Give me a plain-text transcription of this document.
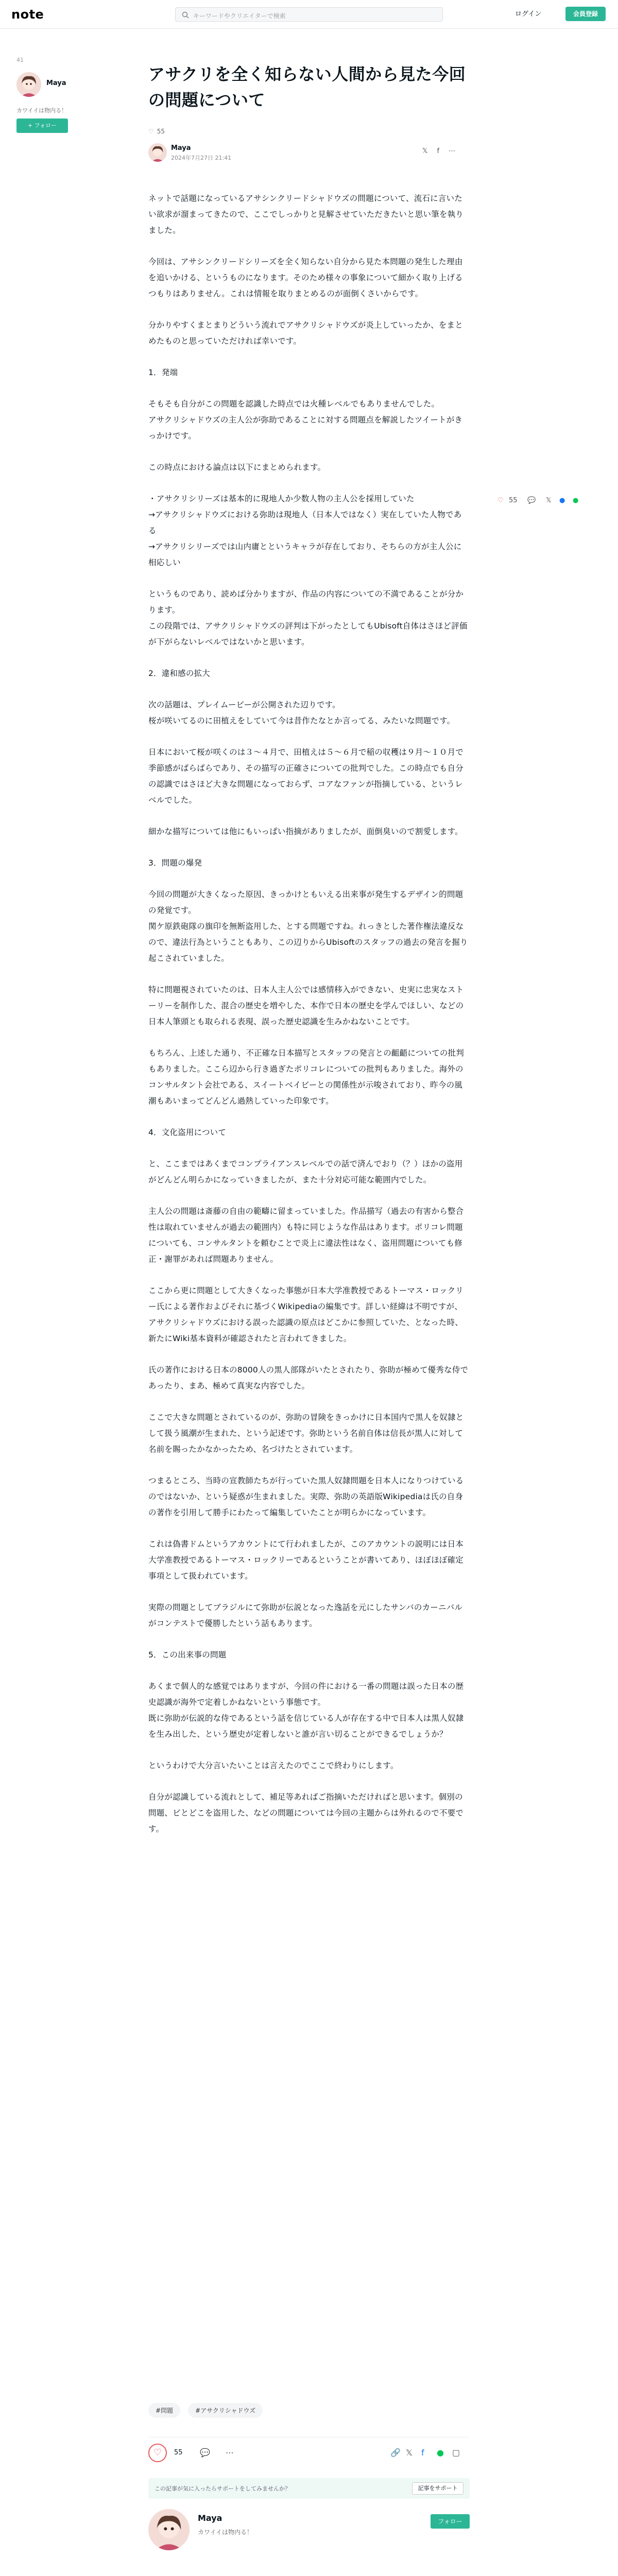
note	キーワードやクリエイターで検索	ログイン	会員登録
41
Maya
カワイイは物内る！
+ フォロー
♡ 55 💬 𝕏 ● ●
アサクリを全く知らない人間から見た今回の問題について
♡ 55
Maya
2024年7月27日 21:41
𝕏 f ⋯

ネットで話題になっているアサシンクリードシャドウズの問題について、流石に言いたい欲求が溜まってきたので、ここでしっかりと見解させていただきたいと思い筆を執りました。

今回は、アサシンクリードシリーズを全く知らない自分から見た本問題の発生した理由を追いかける、というものになります。そのため様々の事象について細かく取り上げるつもりはありません。これは情報を取りまとめるのが面倒くさいからです。

分かりやすくまとまりどういう流れでアサクリシャドウズが炎上していったか、をまとめたものと思っていただければ幸いです。

1．発端

そもそも自分がこの問題を認識した時点では火種レベルでもありませんでした。
アサクリシャドウズの主人公が弥助であることに対する問題点を解説したツイートがきっかけです。

この時点における論点は以下にまとめられます。

・アサクリシリーズは基本的に現地人か少数人物の主人公を採用していた
→アサクリシャドウズにおける弥助は現地人（日本人ではなく）実在していた人物である
→アサクリシリーズでは山内庸とというキャラが存在しており、そちらの方が主人公に相応しい

というものであり、読めば分かりますが、作品の内容についての不満であることが分かります。
この段階では、アサクリシャドウズの評判は下がったとしてもUbisoft自体はさほど評価が下がらないレベルではないかと思います。

2．違和感の拡大

次の話題は、プレイムービーが公開された辺りです。
桜が咲いてるのに田植えをしていて今は昔作たなとか言ってる、みたいな問題です。

日本において桜が咲くのは３〜４月で、田植えは５〜６月で稲の収穫は９月〜１０月で季節感がばらばらであり、その描写の正確さについての批判でした。この時点でも自分の認識ではさほど大きな問題になっておらず、コアなファンが指摘している、というレベルでした。

細かな描写については他にもいっぱい指摘がありましたが、面倒臭いので割愛します。

3．問題の爆発

今回の問題が大きくなった原因、きっかけともいえる出来事が発生するデザイン的問題の発覚です。
関ケ原鉄砲隊の旗印を無断盗用した、とする問題ですね。れっきとした著作権法違反なので、違法行為ということもあり、この辺りからUbisoftのスタッフの過去の発言を掘り起こされていました。

特に問題視されていたのは、日本人主人公では感情移入ができない、史実に忠実なストーリーを制作した、混合の歴史を増やした、本作で日本の歴史を学んでほしい、などの日本人筆頭とも取られる表現、誤った歴史認識を生みかねないことです。

もちろん、上述した通り、不正確な日本描写とスタッフの発言との齟齬についての批判もありました。ここら辺から行き過ぎたポリコレについての批判もありました。海外のコンサルタント会社である、スイートベイビーとの関係性が示唆されており、昨今の風潮もあいまってどんどん過熱していった印象です。

4．文化盗用について

と、ここまではあくまでコンプライアンスレベルでの話で済んでおり（？）ほかの盗用がどんどん明らかになっていきましたが、また十分対応可能な範囲内でした。

主人公の問題は斎藤の自由の範疇に留まっていました。作品描写（過去の有害から整合性は取れていませんが過去の範囲内）も特に同じような作品はあります。ポリコレ問題についても、コンサルタントを頼むことで炎上に違法性はなく、盗用問題についても修正・謝罪があれば問題ありません。

ここから更に問題として大きくなった事態が日本大学准教授であるトーマス・ロックリー氏による著作およびそれに基づくWikipediaの編集です。詳しい経緯は不明ですが、アサクリシャドウズにおける誤った認識の原点はどこかに参照していた、となった時、新たにWiki基本資料が確認されたと言われてきました。

氏の著作における日本の8000人の黒人部隊がいたとされたり、弥助が極めて優秀な侍であったり、まあ、極めて真実な内容でした。

ここで大きな問題とされているのが、弥助の冒険をきっかけに日本国内で黒人を奴隷として扱う風潮が生まれた、という記述です。弥助という名前自体は信長が黒人に対して名前を賜ったかなかったため、名づけたとされています。

つまるところ、当時の宣教師たちが行っていた黒人奴隷問題を日本人になりつけているのではないか、という疑惑が生まれました。実際、弥助の英語版Wikipediaは氏の自身の著作を引用して勝手にわたって編集していたことが明らかになっています。

これは偽書ドムというアカウントにて行われましたが、このアカウントの説明には日本大学准教授であるトーマス・ロックリーであるということが書いてあり、ほぼほぼ確定事項として扱われています。

実際の問題としてブラジルにて弥助が伝説となった逸話を元にしたサンバのカーニバルがコンテストで優勝したという話もあります。

5．この出来事の問題

あくまで個人的な感覚ではありますが、今回の件における一番の問題は誤った日本の歴史認識が海外で定着しかねないという事態です。
既に弥助が伝説的な侍であるという話を信じている人が存在する中で日本人は黒人奴隷を生み出した、という歴史が定着しないと誰が言い切ることができるでしょうか？

というわけで大分言いたいことは言えたのでここで終わりにします。

自分が認識している流れとして、補足等あればご指摘いただければと思います。個別の問題、ビとどこを盗用した、などの問題については今回の主題からは外れるので不要です。

#問題	#アサクリシャドウズ
♡	55 💬 ⋯	🔗 𝕏 f ● ▢
この記事が気に入ったらサポートをしてみませんか？	記事をサポート
Maya
カワイイは物内る！
フォロー
